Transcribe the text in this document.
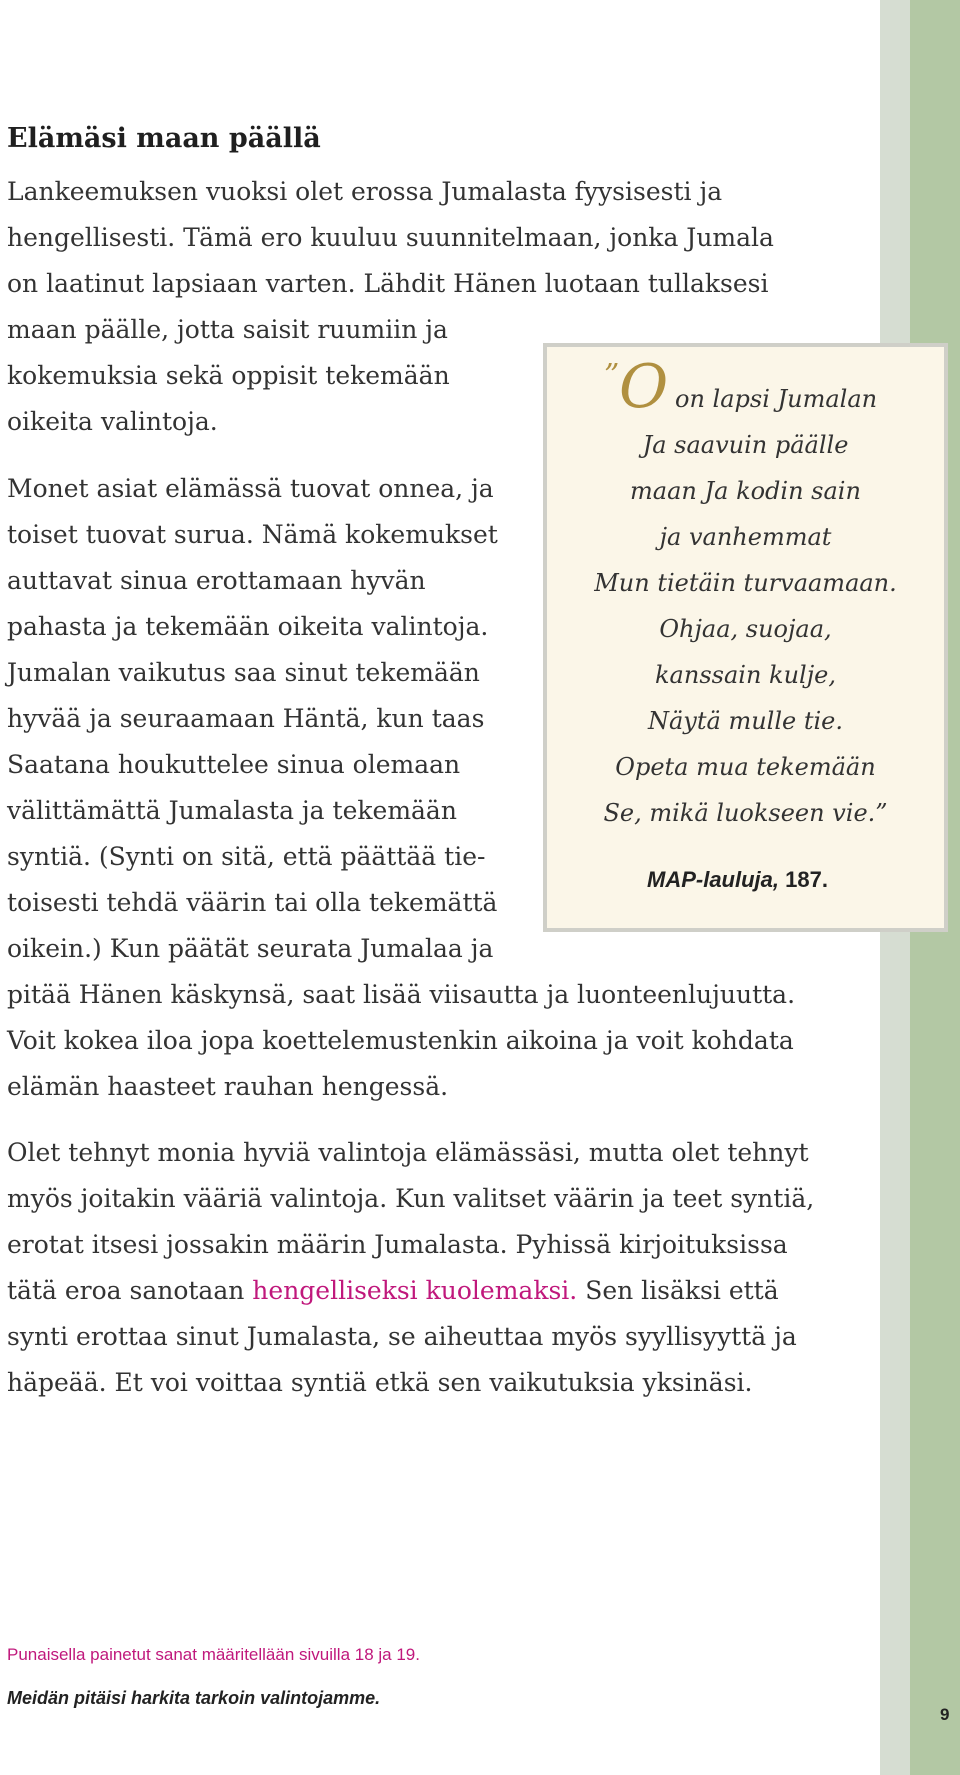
Elämäsi maan päällä
Lankeemuksen vuoksi olet erossa Jumalasta fyysisesti ja
hengellisesti. Tämä ero kuuluu suunnitelmaan, jonka Jumala
on laatinut lapsiaan varten. Lähdit Hänen luotaan tullaksesi
maan päälle, jotta saisit ruumiin ja
kokemuksia sekä oppisit tekemään
oikeita valintoja.
Monet asiat elämässä tuovat onnea, ja
toiset tuovat surua. Nämä kokemukset
auttavat sinua erottamaan hyvän
pahasta ja tekemään oikeita valintoja.
Jumalan vaikutus saa sinut tekemään
hyvää ja seuraamaan Häntä, kun taas
Saatana houkuttelee sinua olemaan
välittämättä Jumalasta ja tekemään
syntiä. (Synti on sitä, että päättää tie-
toisesti tehdä väärin tai olla tekemättä
oikein.) Kun päätät seurata Jumalaa ja
pitää Hänen käskynsä, saat lisää viisautta ja luonteenlujuutta.
Voit kokea iloa jopa koettelemustenkin aikoina ja voit kohdata
elämän haasteet rauhan hengessä.
Olet tehnyt monia hyviä valintoja elämässäsi, mutta olet tehnyt
myös joitakin vääriä valintoja. Kun valitset väärin ja teet syntiä,
erotat itsesi jossakin määrin Jumalasta. Pyhissä kirjoituksissa
tätä eroa sanotaan hengelliseksi kuolemaksi. Sen lisäksi että
synti erottaa sinut Jumalasta, se aiheuttaa myös syyllisyyttä ja
häpeää. Et voi voittaa syntiä etkä sen vaikutuksia yksinäsi.
” O on lapsi Jumalan
Ja saavuin päälle
maan Ja kodin sain
ja vanhemmat
Mun tietäin turvaamaan.
Ohjaa, suojaa,
kanssain kulje,
Näytä mulle tie.
Opeta mua tekemään
Se, mikä luokseen vie.”
MAP-lauluja, 187.
Punaisella painetut sanat määritellään sivuilla 18 ja 19.
Meidän pitäisi harkita tarkoin valintojamme.
9
